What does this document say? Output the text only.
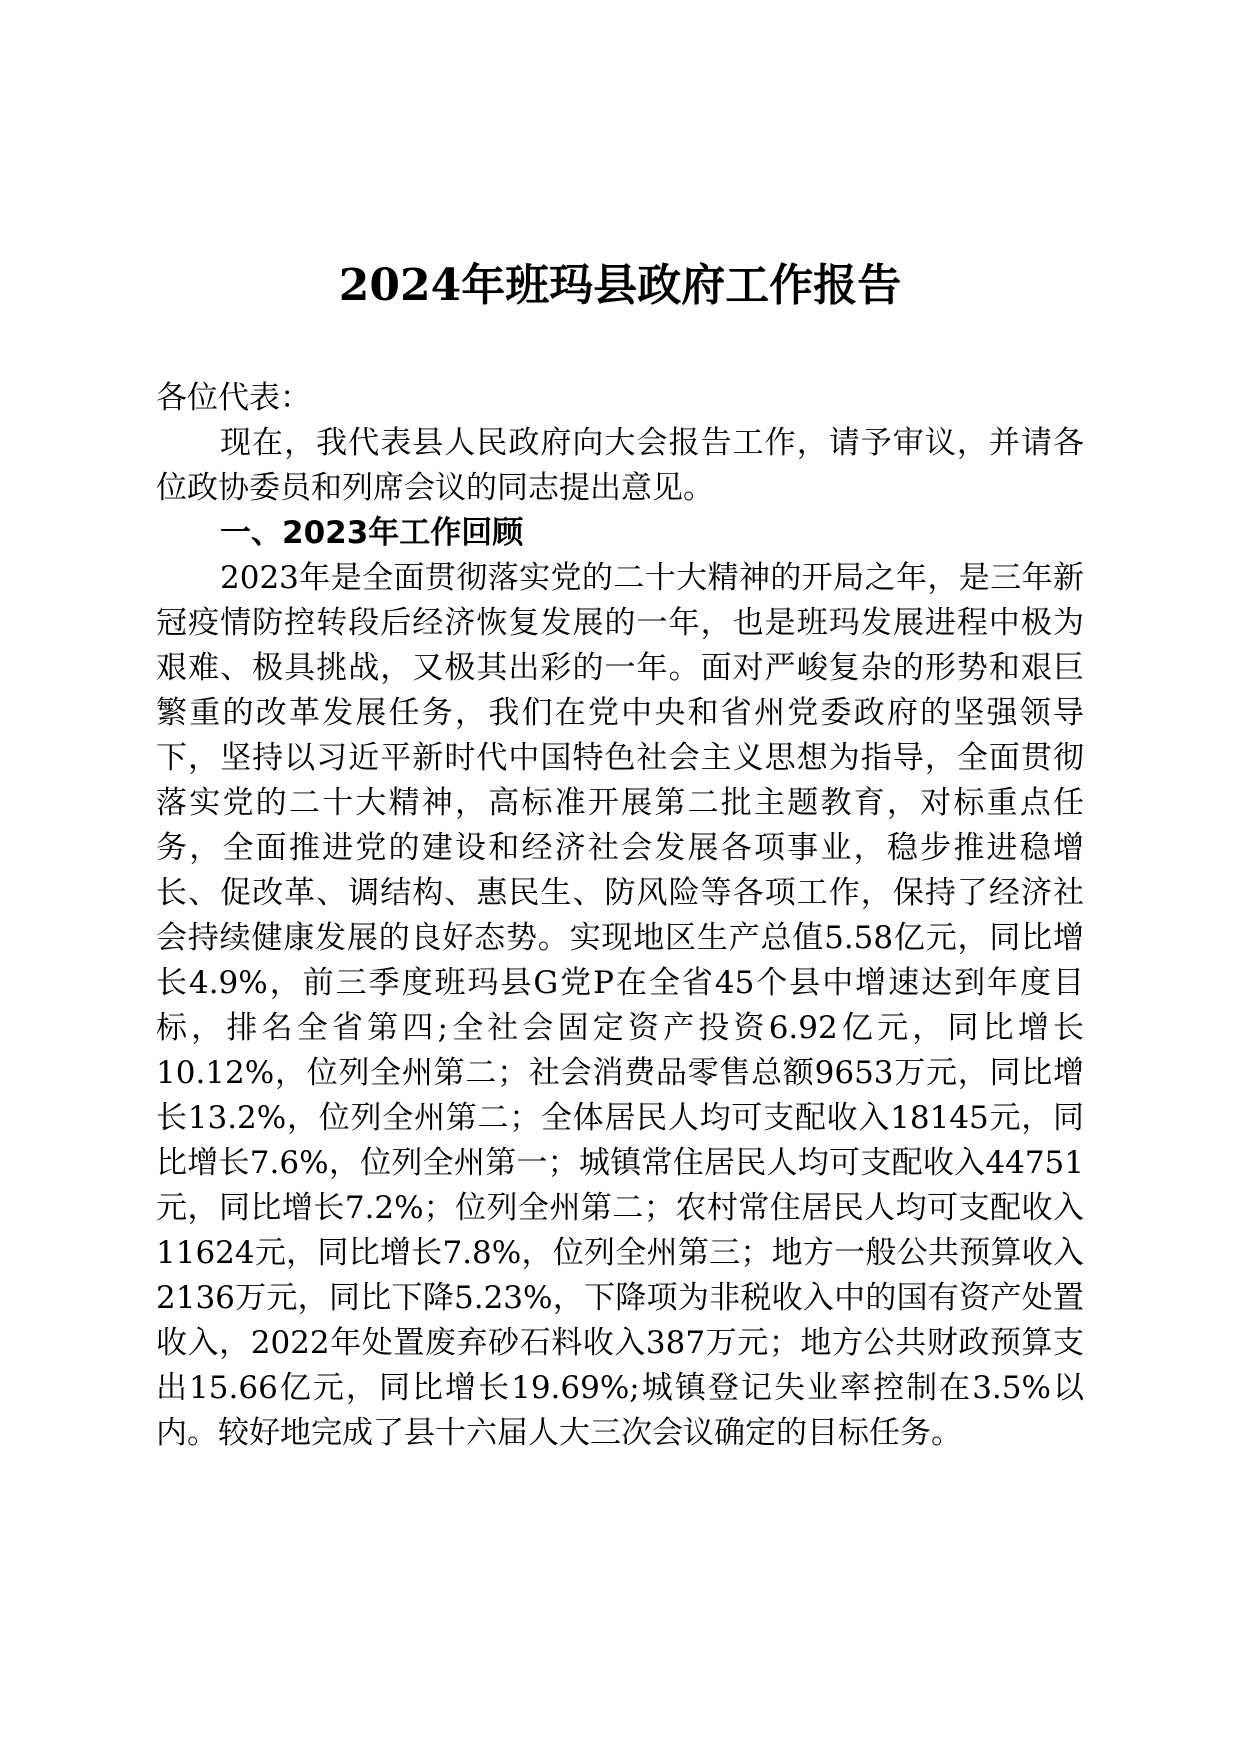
2024年班玛县政府工作报告

各位代表：

现在，我代表县人民政府向大会报告工作，请予审议，并请各位政协委员和列席会议的同志提出意见。

一、2023年工作回顾

2023年是全面贯彻落实党的二十大精神的开局之年，是三年新冠疫情防控转段后经济恢复发展的一年，也是班玛发展进程中极为艰难、极具挑战，又极其出彩的一年。面对严峻复杂的形势和艰巨繁重的改革发展任务，我们在党中央和省州党委政府的坚强领导下，坚持以习近平新时代中国特色社会主义思想为指导，全面贯彻落实党的二十大精神，高标准开展第二批主题教育，对标重点任务，全面推进党的建设和经济社会发展各项事业，稳步推进稳增长、促改革、调结构、惠民生、防风险等各项工作，保持了经济社会持续健康发展的良好态势。实现地区生产总值5.58亿元，同比增长4.9%，前三季度班玛县G党P在全省45个县中增速达到年度目标，排名全省第四;全社会固定资产投资6.92亿元，同比增长10.12%，位列全州第二；社会消费品零售总额9653万元，同比增长13.2%，位列全州第二；全体居民人均可支配收入18145元，同比增长7.6%，位列全州第一；城镇常住居民人均可支配收入44751元，同比增长7.2%；位列全州第二；农村常住居民人均可支配收入11624元，同比增长7.8%，位列全州第三；地方一般公共预算收入2136万元，同比下降5.23%，下降项为非税收入中的国有资产处置收入，2022年处置废弃砂石料收入387万元；地方公共财政预算支出15.66亿元，同比增长19.69%;城镇登记失业率控制在3.5%以内。较好地完成了县十六届人大三次会议确定的目标任务。
